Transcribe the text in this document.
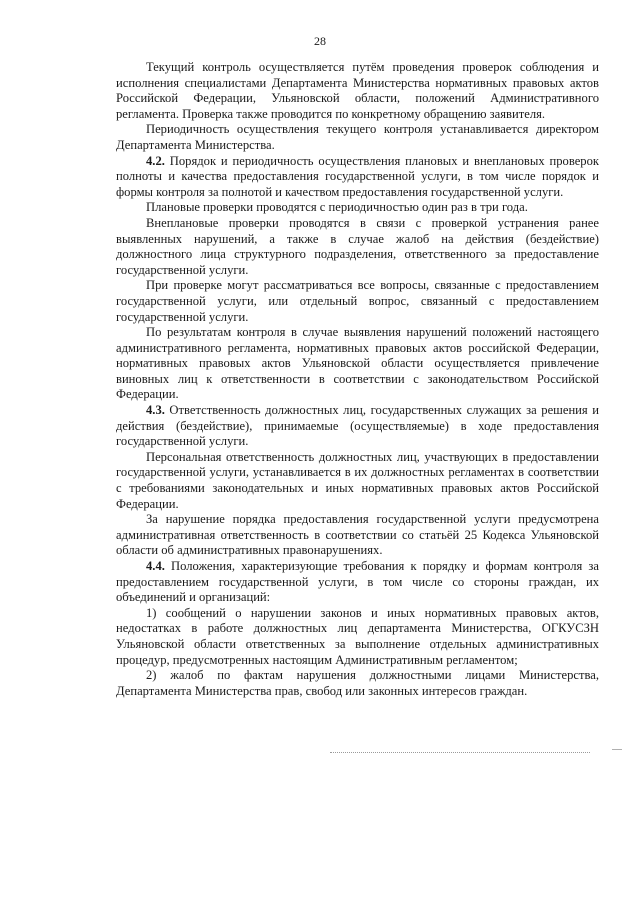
28

Текущий контроль осуществляется путём проведения проверок соблюдения и исполнения специалистами Департамента Министерства нормативных правовых актов Российской Федерации, Ульяновской области, положений Административного регламента. Проверка также проводится по конкретному обращению заявителя.

Периодичность осуществления текущего контроля устанавливается директором Департамента Министерства.

4.2. Порядок и периодичность осуществления плановых и внеплановых проверок полноты и качества предоставления государственной услуги, в том числе порядок и формы контроля за полнотой и качеством предоставления государственной услуги.

Плановые проверки проводятся с периодичностью один раз в три года.

Внеплановые проверки проводятся в связи с проверкой устранения ранее выявленных нарушений, а также в случае жалоб на действия (бездействие) должностного лица структурного подразделения, ответственного за предоставление государственной услуги.

При проверке могут рассматриваться все вопросы, связанные с предоставлением государственной услуги, или отдельный вопрос, связанный с предоставлением государственной услуги.

По результатам контроля в случае выявления нарушений положений настоящего административного регламента, нормативных правовых актов российской Федерации, нормативных правовых актов Ульяновской области осуществляется привлечение виновных лиц к ответственности в соответствии с законодательством Российской Федерации.

4.3. Ответственность должностных лиц, государственных служащих за решения и действия (бездействие), принимаемые (осуществляемые) в ходе предоставления государственной услуги.

Персональная ответственность должностных лиц, участвующих в предоставлении государственной услуги, устанавливается в их должностных регламентах в соответствии с требованиями законодательных и иных нормативных правовых актов Российской Федерации.

За нарушение порядка предоставления государственной услуги предусмотрена административная ответственность в соответствии со статьёй 25 Кодекса Ульяновской области об административных правонарушениях.

4.4. Положения, характеризующие требования к порядку и формам контроля за предоставлением государственной услуги, в том числе со стороны граждан, их объединений и организаций:

1) сообщений о нарушении законов и иных нормативных правовых актов, недостатках в работе должностных лиц департамента Министерства, ОГКУСЗН Ульяновской области ответственных за выполнение отдельных административных процедур, предусмотренных настоящим Административным регламентом;

2) жалоб по фактам нарушения должностными лицами Министерства, Департамента Министерства прав, свобод или законных интересов граждан.
